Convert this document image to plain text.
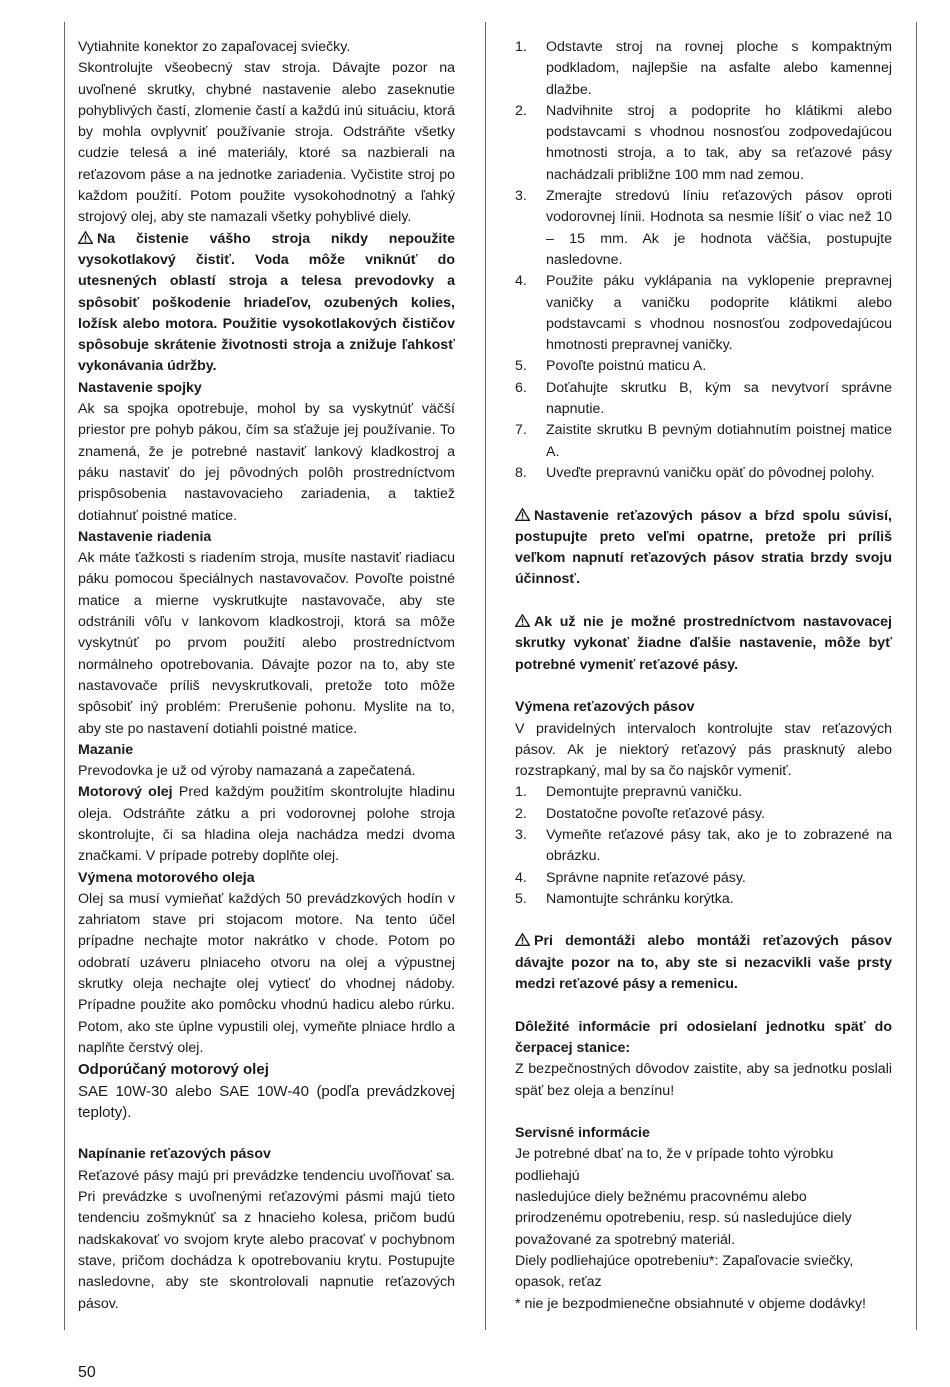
Vytiahnite konektor zo zapaľovacej sviečky.

Skontrolujte všeobecný stav stroja. Dávajte pozor na uvoľnené skrutky, chybné nastavenie alebo zaseknutie pohyblivých častí, zlomenie častí a každú inú situáciu, ktorá by mohla ovplyvniť používanie stroja. Odstráňte všetky cudzie telesá a iné materiály, ktoré sa nazbierali na reťazovom páse a na jednotke zariadenia. Vyčistite stroj po každom použití. Potom použite vysokohodnotný a ľahký strojový olej, aby ste namazali všetky pohyblivé diely.

Na čistenie vášho stroja nikdy nepoužite vysokotlakový čistiť. Voda môže vniknúť do utesnených oblastí stroja a telesa prevodovky a spôsobiť poškodenie hriadeľov, ozubených kolies, ložísk alebo motora. Použitie vysokotlakových čističov spôsobuje skrátenie životnosti stroja a znižuje ľahkosť vykonávania údržby.

Nastavenie spojky

Ak sa spojka opotrebuje, mohol by sa vyskytnúť väčší priestor pre pohyb pákou, čím sa sťažuje jej používanie. To znamená, že je potrebné nastaviť lankový kladkostroj a páku nastaviť do jej pôvodných polôh prostredníctvom prispôsobenia nastavovacieho zariadenia, a taktiež dotiahnuť poistné matice.

Nastavenie riadenia

Ak máte ťažkosti s riadením stroja, musíte nastaviť riadiacu páku pomocou špeciálnych nastavovačov. Povoľte poistné matice a mierne vyskrutkujte nastavovače, aby ste odstránili vôľu v lankovom kladkostroji, ktorá sa môže vyskytnúť po prvom použití alebo prostredníctvom normálneho opotrebovania. Dávajte pozor na to, aby ste nastavovače príliš nevyskrutkovali, pretože toto môže spôsobiť iný problém: Prerušenie pohonu. Myslite na to, aby ste po nastavení dotiahli poistné matice.

Mazanie

Prevodovka je už od výroby namazaná a zapečatená.

Motorový olej Pred každým použitím skontrolujte hladinu oleja. Odstráňte zátku a pri vodorovnej polohe stroja skontrolujte, či sa hladina oleja nachádza medzi dvoma značkami. V prípade potreby doplňte olej.

Výmena motorového oleja

Olej sa musí vymieňať každých 50 prevádzkových hodín v zahriatom stave pri stojacom motore. Na tento účel prípadne nechajte motor nakrátko v chode. Potom po odobratí uzáveru plniaceho otvoru na olej a výpustnej skrutky oleja nechajte olej vytiecť do vhodnej nádoby. Prípadne použite ako pomôcku vhodnú hadicu alebo rúrku. Potom, ako ste úplne vypustili olej, vymeňte plniace hrdlo a naplňte čerstvý olej.

Odporúčaný motorový olej

SAE 10W-30 alebo SAE 10W-40 (podľa prevádzkovej teploty).

Napínanie reťazových pásov

Reťazové pásy majú pri prevádzke tendenciu uvoľňovať sa. Pri prevádzke s uvoľnenými reťazovými pásmi majú tieto tendenciu zošmyknúť sa z hnacieho kolesa, pričom budú nadskakovať vo svojom kryte alebo pracovať v pochybnom stave, pričom dochádza k opotrebovaniu krytu. Postupujte nasledovne, aby ste skontrolovali napnutie reťazových pásov.

1. Odstavte stroj na rovnej ploche s kompaktným podkladom, najlepšie na asfalte alebo kamennej dlažbe.
2. Nadvihnite stroj a podoprite ho klátikmi alebo podstavcami s vhodnou nosnosťou zodpovedajúcou hmotnosti stroja, a to tak, aby sa reťazové pásy nachádzali približne 100 mm nad zemou.
3. Zmerajte stredovú líniu reťazových pásov oproti vodorovnej línii. Hodnota sa nesmie líšiť o viac než 10 – 15 mm. Ak je hodnota väčšia, postupujte nasledovne.
4. Použite páku vyklápania na vyklopenie prepravnej vaničky a vaničku podoprite klátikmi alebo podstavcami s vhodnou nosnosťou zodpovedajúcou hmotnosti prepravnej vaničky.
5. Povoľte poistnú maticu A.
6. Doťahujte skrutku B, kým sa nevytvorí správne napnutie.
7. Zaistite skrutku B pevným dotiahnutím poistnej matice A.
8. Uveďte prepravnú vaničku opäť do pôvodnej polohy.

Nastavenie reťazových pásov a bŕzd spolu súvisí, postupujte preto veľmi opatrne, pretože pri príliš veľkom napnutí reťazových pásov stratia brzdy svoju účinnosť.

Ak už nie je možné prostredníctvom nastavovacej skrutky vykonať žiadne ďalšie nastavenie, môže byť potrebné vymeniť reťazové pásy.

Výmena reťazových pásov

V pravidelných intervaloch kontrolujte stav reťazových pásov. Ak je niektorý reťazový pás prasknutý alebo rozstrapkaný, mal by sa čo najskôr vymeniť.

1. Demontujte prepravnú vaničku.
2. Dostatočne povoľte reťazové pásy.
3. Vymeňte reťazové pásy tak, ako je to zobrazené na obrázku.
4. Správne napnite reťazové pásy.
5. Namontujte schránku korýtka.

Pri demontáži alebo montáži reťazových pásov dávajte pozor na to, aby ste si nezacvikli vaše prsty medzi reťazové pásy a remenicu.

Dôležité informácie pri odosielaní jednotku späť do čerpacej stanice:

Z bezpečnostných dôvodov zaistite, aby sa jednotku poslali späť bez oleja a benzínu!

Servisné informácie

Je potrebné dbať na to, že v prípade tohto výrobku podliehajú

nasledujúce diely bežnému pracovnému alebo prirodzenému opotrebeniu, resp. sú nasledujúce diely považované za spotrebný materiál.

Diely podliehajúce opotrebeniu*: Zapaľovacie sviečky, opasok, reťaz

* nie je bezpodmienečne obsiahnuté v objeme dodávky!

50
